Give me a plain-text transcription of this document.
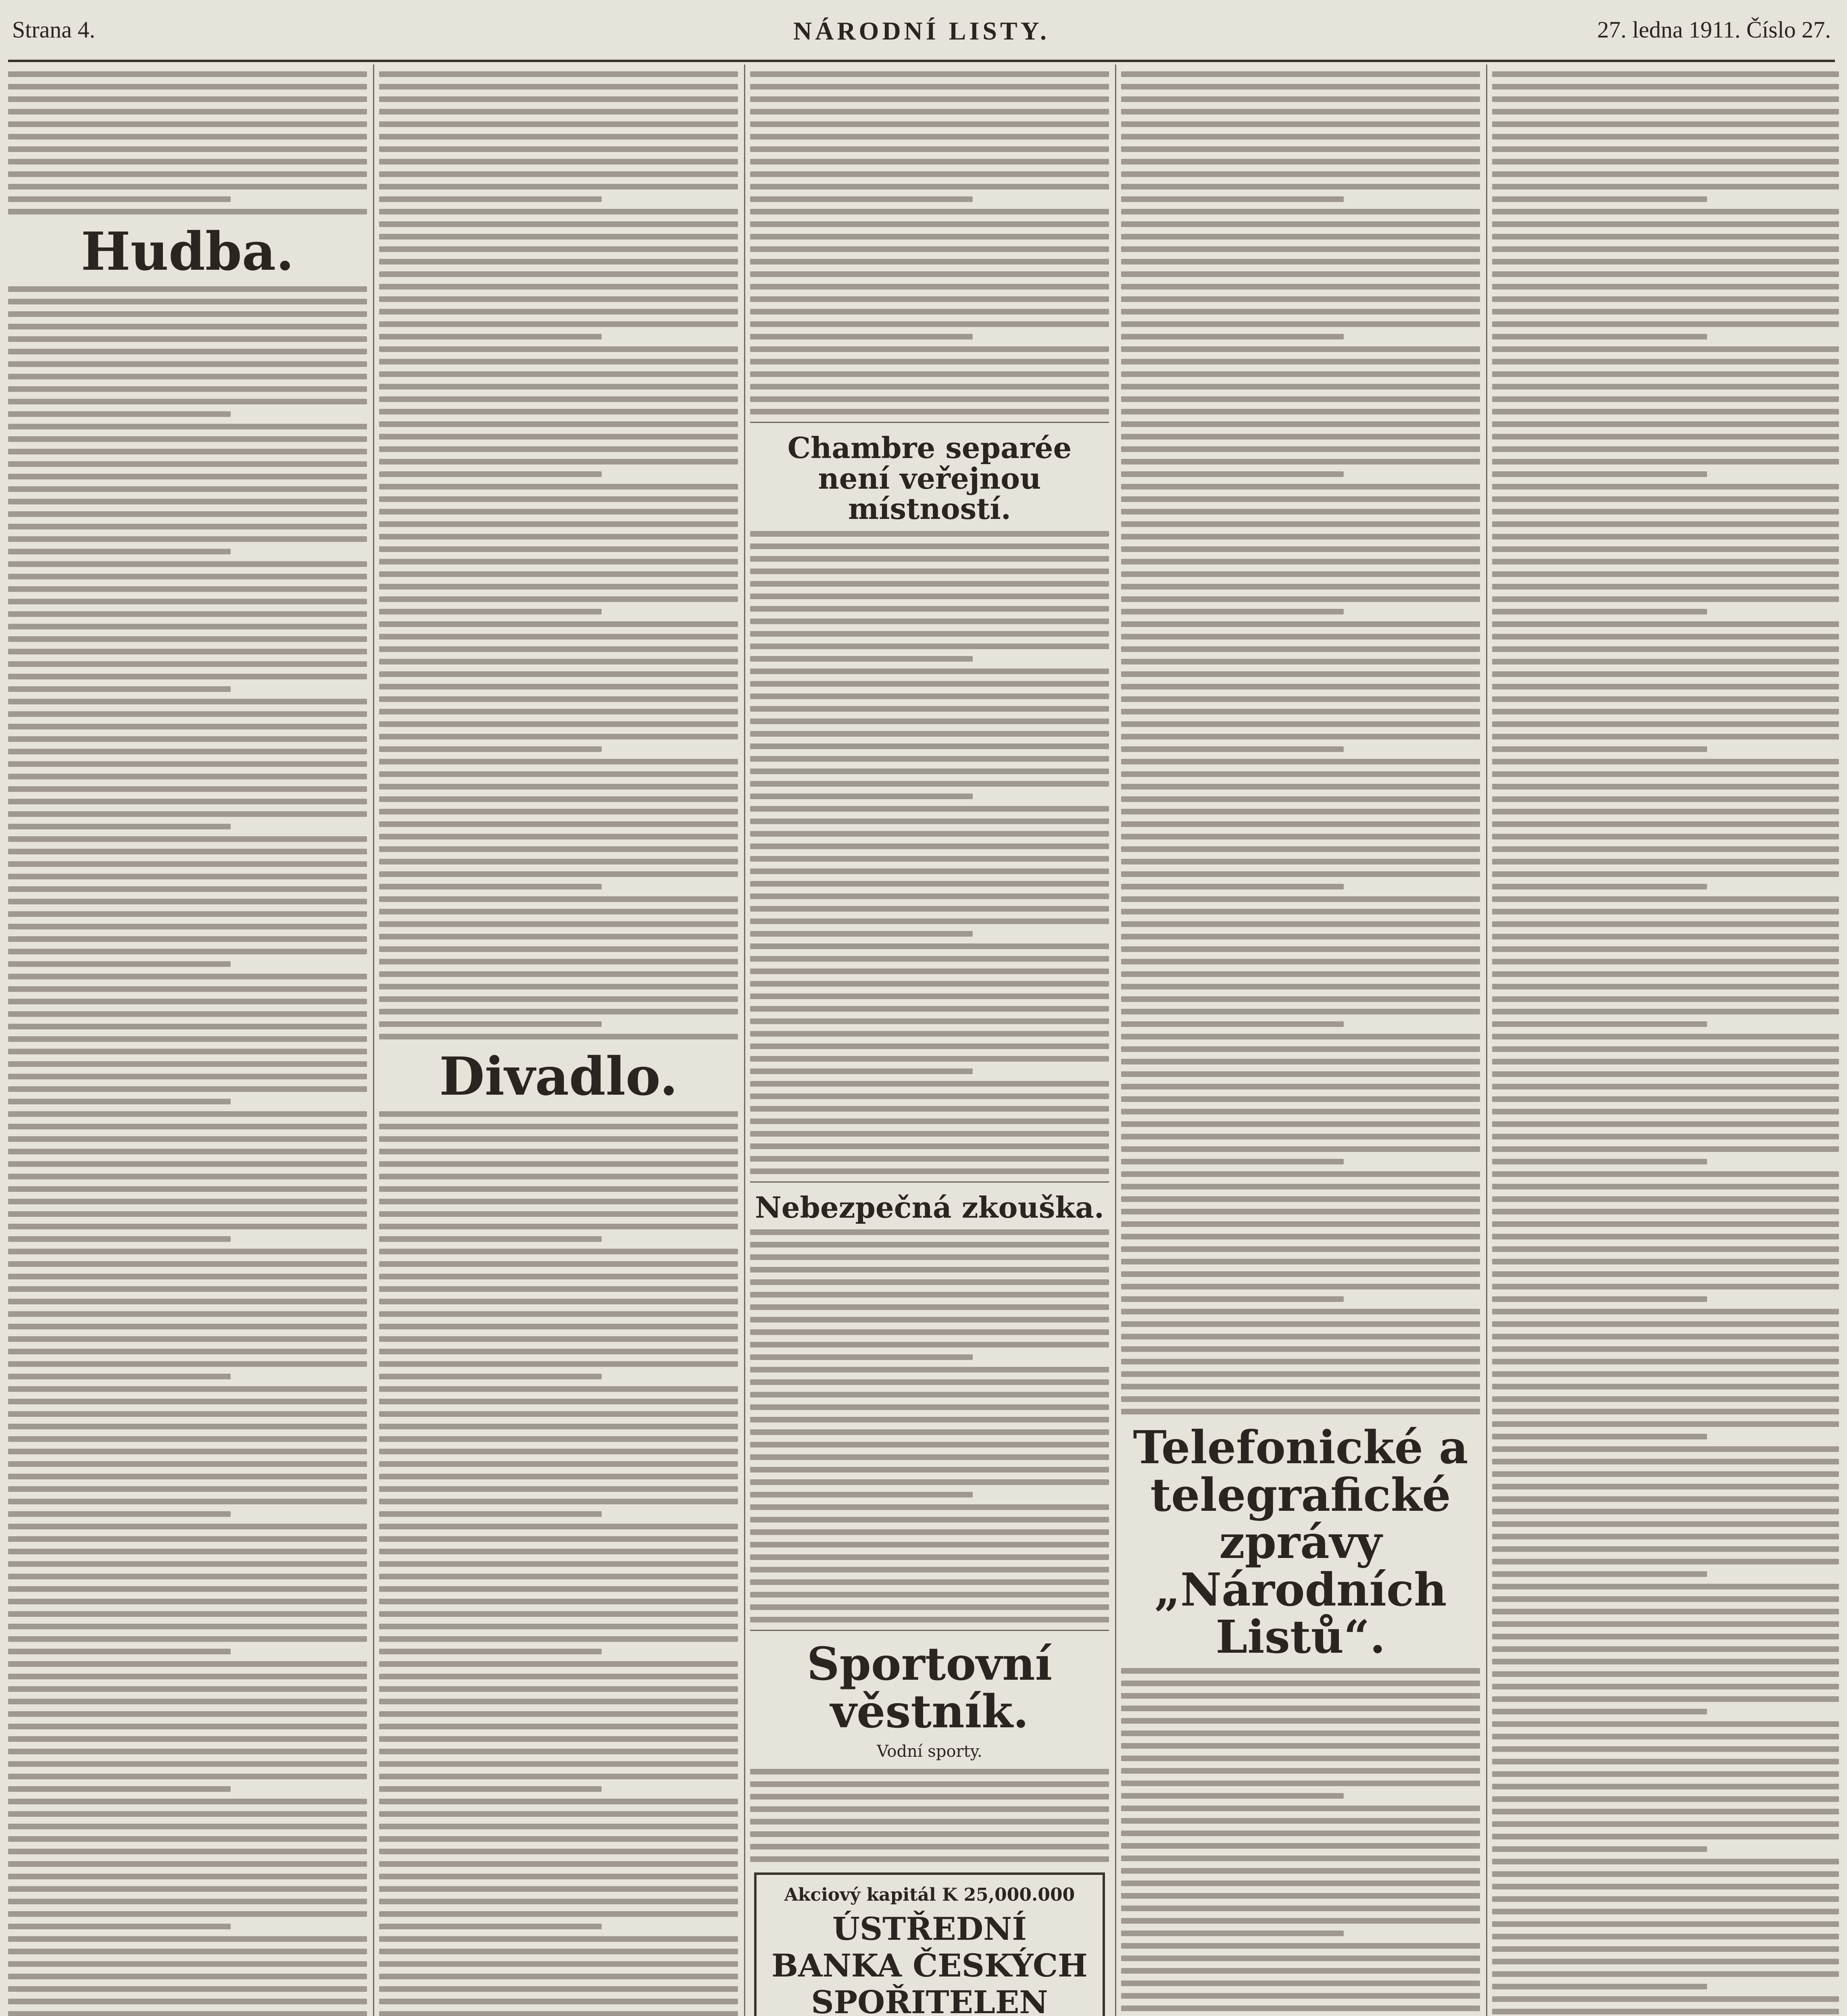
Strana 4.	NÁRODNÍ LISTY.	27. ledna 1911. Číslo 27.
Hudba.
Divadlo.
Chambre separée není veřejnou místností.
Nebezpečná zkouška.
Sportovní věstník.
Vodní sporty.
Akciový kapitál K 25,000.000
ÚSTŘEDNÍ BANKA ČESKÝCH SPOŘITELEN
Telefonické a telegrafické zprávy „Národních Listů“.
